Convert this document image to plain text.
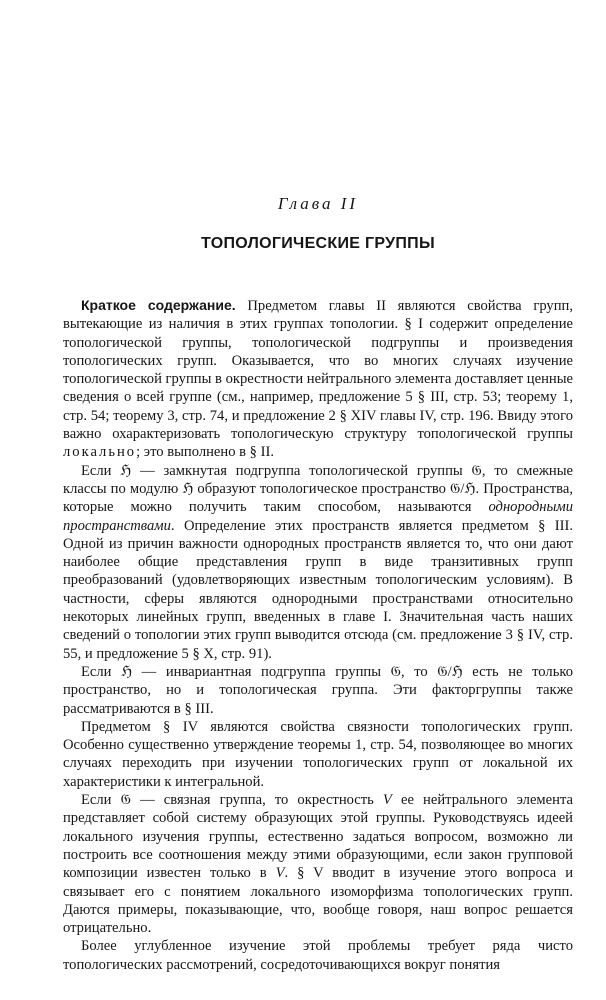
Глава II
ТОПОЛОГИЧЕСКИЕ ГРУППЫ

Краткое содержание. Предметом главы II являются свойства групп, вытекающие из наличия в этих группах топологии. § I содержит определение топологической группы, топологической подгруппы и произведения топологических групп. Оказывается, что во многих случаях изучение топологической группы в окрестности нейтрального элемента доставляет ценные сведения о всей группе (см., например, предложение 5 § III, стр. 53; теорему 1, стр. 54; теорему 3, стр. 74, и предложение 2 § XIV главы IV, стр. 196. Ввиду этого важно охарактеризовать топологическую структуру топологической группы локально; это выполнено в § II.

Если ℌ — замкнутая подгруппа топологической группы 𝔊, то смежные классы по модулю ℌ образуют топологическое пространство 𝔊/ℌ. Пространства, которые можно получить таким способом, называются однородными пространствами. Определение этих пространств является предметом § III. Одной из причин важности однородных пространств является то, что они дают наиболее общие представления групп в виде транзитивных групп преобразований (удовлетворяющих известным топологическим условиям). В частности, сферы являются однородными пространствами относительно некоторых линейных групп, введенных в главе I. Значительная часть наших сведений о топологии этих групп выводится отсюда (см. предложение 3 § IV, стр. 55, и предложение 5 § X, стр. 91).

Если ℌ — инвариантная подгруппа группы 𝔊, то 𝔊/ℌ есть не только пространство, но и топологическая группа. Эти факторгруппы также рассматриваются в § III.

Предметом § IV являются свойства связности топологических групп. Особенно существенно утверждение теоремы 1, стр. 54, позволяющее во многих случаях переходить при изучении топологических групп от локальной их характеристики к интегральной.

Если 𝔊 — связная группа, то окрестность V ее нейтрального элемента представляет собой систему образующих этой группы. Руководствуясь идеей локального изучения группы, естественно задаться вопросом, возможно ли построить все соотношения между этими образующими, если закон групповой композиции известен только в V. § V вводит в изучение этого вопроса и связывает его с понятием локального изоморфизма топологических групп. Даются примеры, показывающие, что, вообще говоря, наш вопрос решается отрицательно.

Более углубленное изучение этой проблемы требует ряда чисто топологических рассмотрений, сосредоточивающихся вокруг понятия
